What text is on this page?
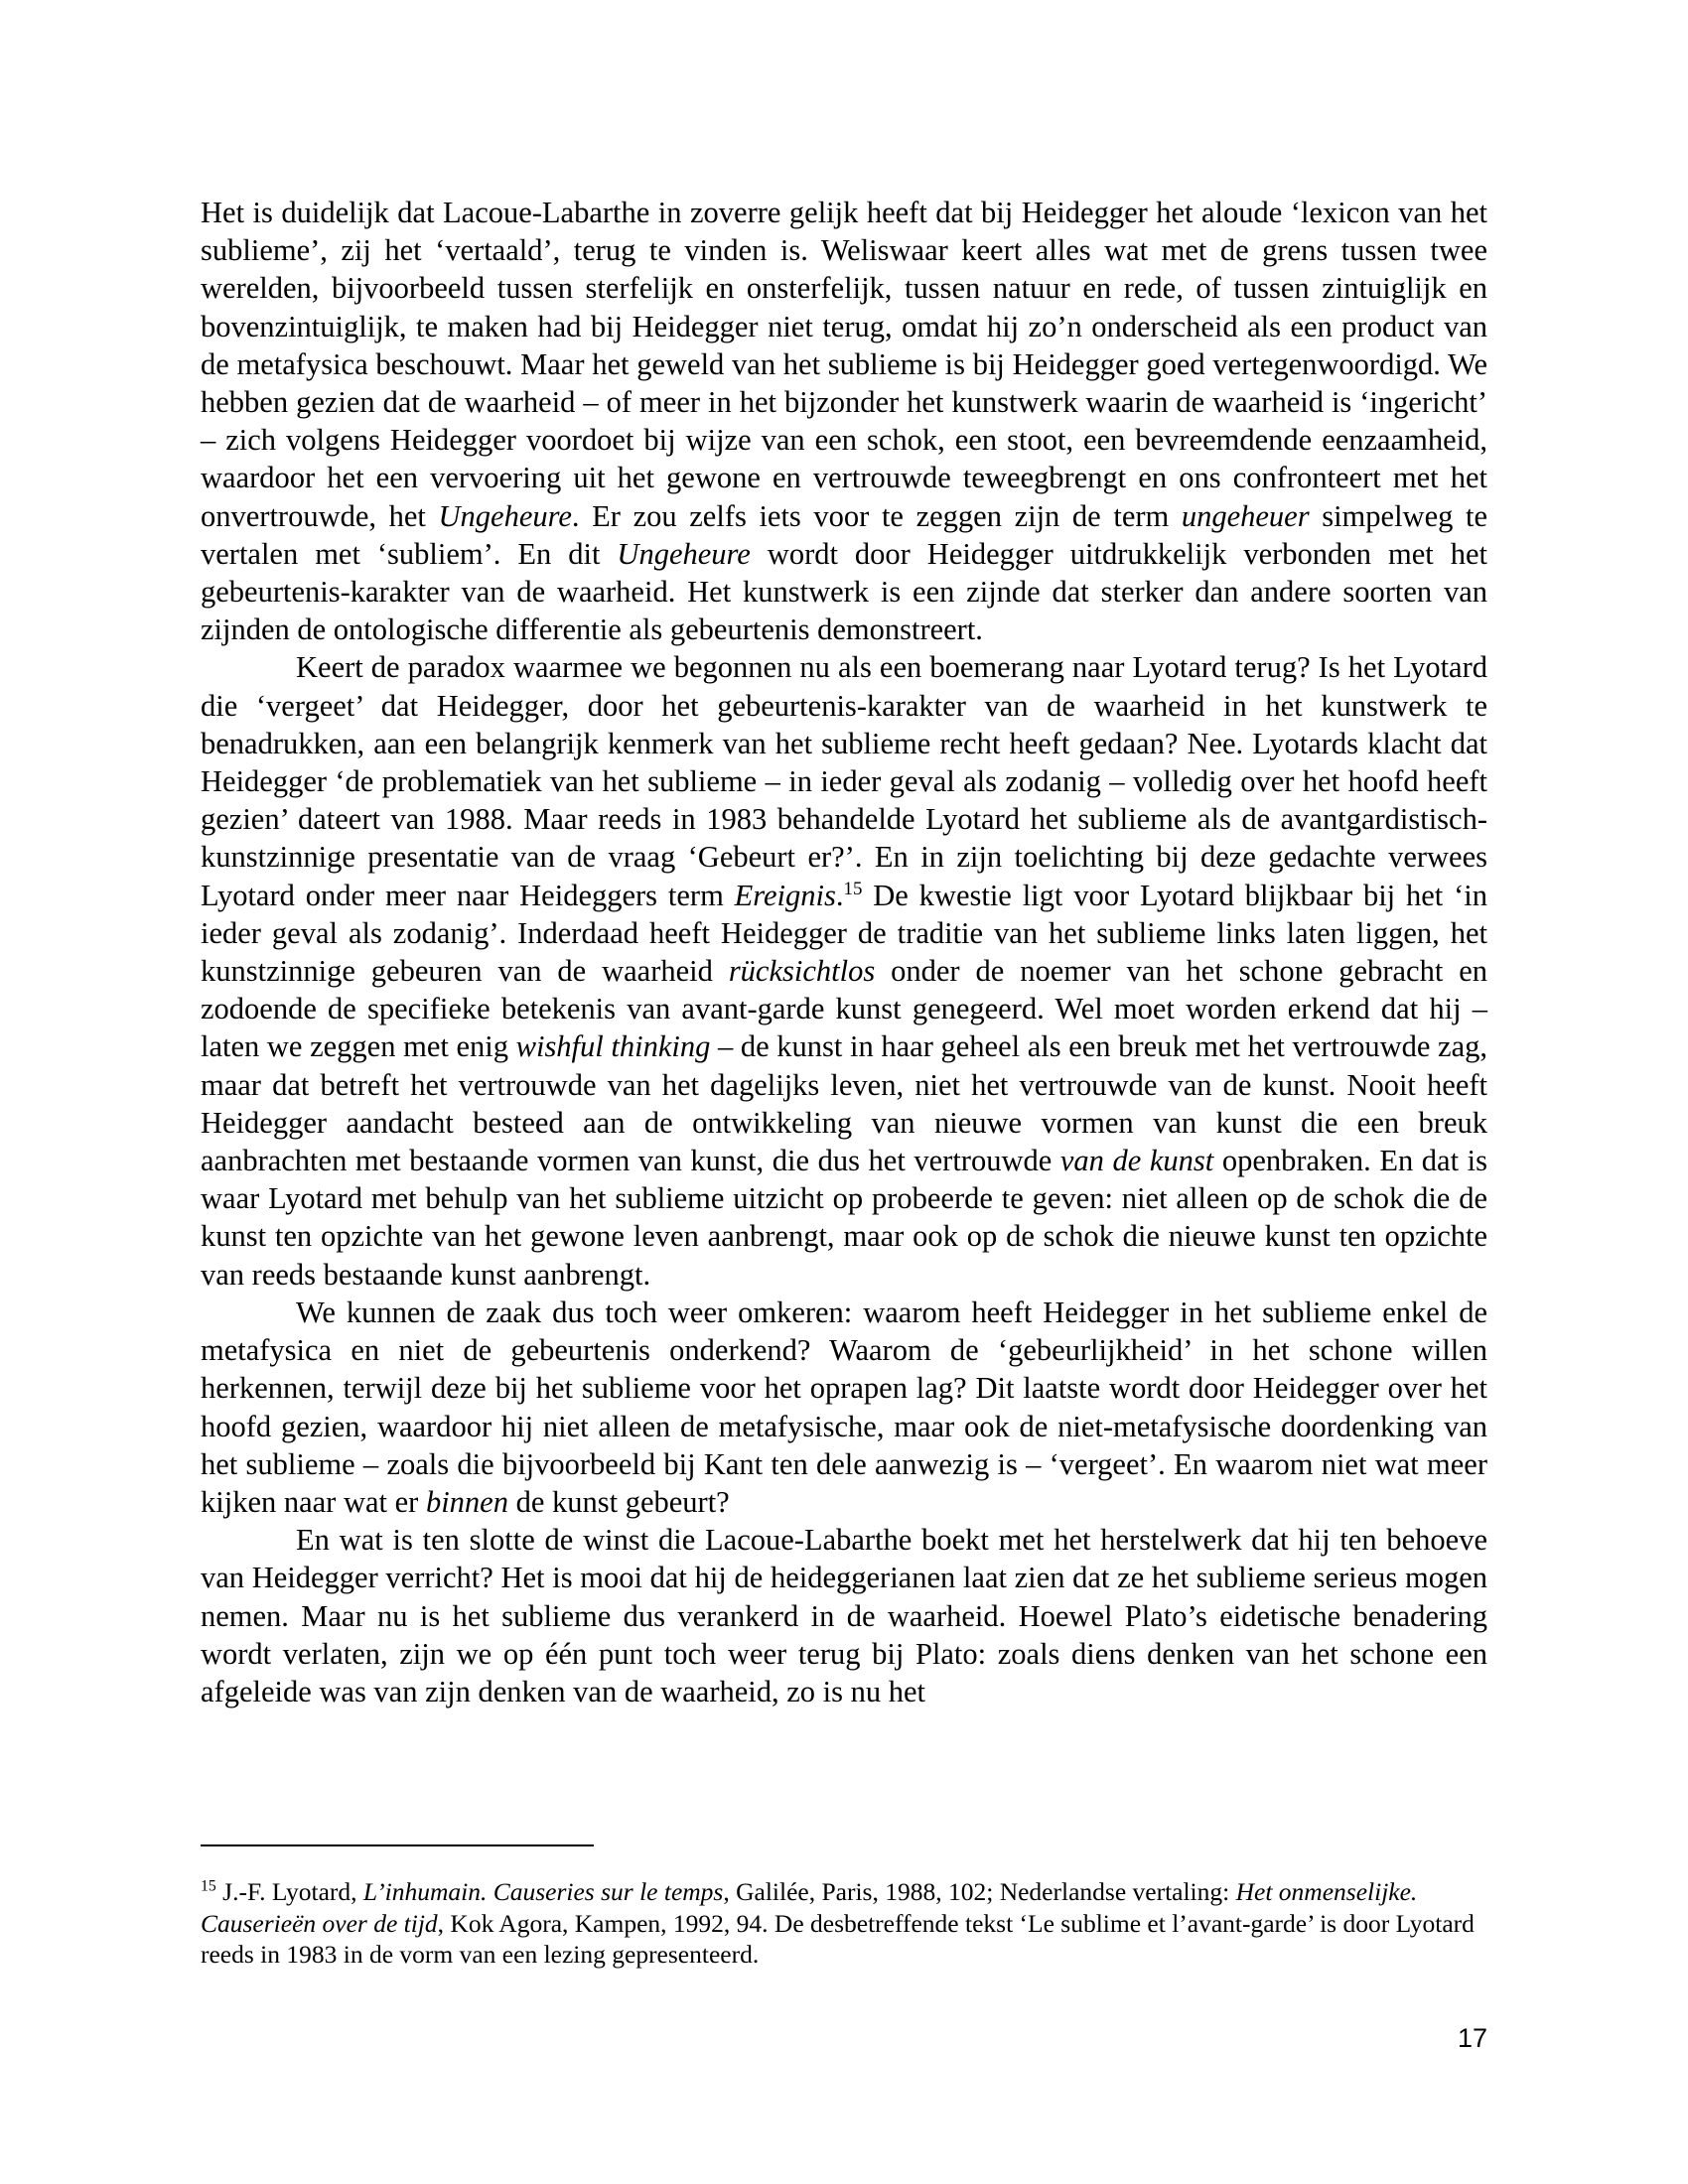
Het is duidelijk dat Lacoue-Labarthe in zoverre gelijk heeft dat bij Heidegger het aloude ‘lexicon van het sublieme’, zij het ‘vertaald’, terug te vinden is. Weliswaar keert alles wat met de grens tussen twee werelden, bijvoorbeeld tussen sterfelijk en onsterfelijk, tussen natuur en rede, of tussen zintuiglijk en bovenzintuiglijk, te maken had bij Heidegger niet terug, omdat hij zo’n onderscheid als een product van de metafysica beschouwt. Maar het geweld van het sublieme is bij Heidegger goed vertegenwoordigd. We hebben gezien dat de waarheid – of meer in het bijzonder het kunstwerk waarin de waarheid is ‘ingericht’ – zich volgens Heidegger voordoet bij wijze van een schok, een stoot, een bevreemdende eenzaamheid, waardoor het een vervoering uit het gewone en vertrouwde teweegbrengt en ons confronteert met het onvertrouwde, het Ungeheure. Er zou zelfs iets voor te zeggen zijn de term ungeheuer simpelweg te vertalen met ‘subliem’. En dit Ungeheure wordt door Heidegger uitdrukkelijk verbonden met het gebeurtenis-karakter van de waarheid. Het kunstwerk is een zijnde dat sterker dan andere soorten van zijnden de ontologische differentie als gebeurtenis demonstreert.

Keert de paradox waarmee we begonnen nu als een boemerang naar Lyotard terug? Is het Lyotard die ‘vergeet’ dat Heidegger, door het gebeurtenis-karakter van de waarheid in het kunstwerk te benadrukken, aan een belangrijk kenmerk van het sublieme recht heeft gedaan? Nee. Lyotards klacht dat Heidegger ‘de problematiek van het sublieme – in ieder geval als zodanig – volledig over het hoofd heeft gezien’ dateert van 1988. Maar reeds in 1983 behandelde Lyotard het sublieme als de avantgardistisch-kunstzinnige presentatie van de vraag ‘Gebeurt er?’. En in zijn toelichting bij deze gedachte verwees Lyotard onder meer naar Heideggers term Ereignis.$^{15}$ De kwestie ligt voor Lyotard blijkbaar bij het ‘in ieder geval als zodanig’. Inderdaad heeft Heidegger de traditie van het sublieme links laten liggen, het kunstzinnige gebeuren van de waarheid rücksichtlos onder de noemer van het schone gebracht en zodoende de specifieke betekenis van avant-garde kunst genegeerd. Wel moet worden erkend dat hij – laten we zeggen met enig wishful thinking – de kunst in haar geheel als een breuk met het vertrouwde zag, maar dat betreft het vertrouwde van het dagelijks leven, niet het vertrouwde van de kunst. Nooit heeft Heidegger aandacht besteed aan de ontwikkeling van nieuwe vormen van kunst die een breuk aanbrachten met bestaande vormen van kunst, die dus het vertrouwde van de kunst openbraken. En dat is waar Lyotard met behulp van het sublieme uitzicht op probeerde te geven: niet alleen op de schok die de kunst ten opzichte van het gewone leven aanbrengt, maar ook op de schok die nieuwe kunst ten opzichte van reeds bestaande kunst aanbrengt.

We kunnen de zaak dus toch weer omkeren: waarom heeft Heidegger in het sublieme enkel de metafysica en niet de gebeurtenis onderkend? Waarom de ‘gebeurlijkheid’ in het schone willen herkennen, terwijl deze bij het sublieme voor het oprapen lag? Dit laatste wordt door Heidegger over het hoofd gezien, waardoor hij niet alleen de metafysische, maar ook de niet-metafysische doordenking van het sublieme – zoals die bijvoorbeeld bij Kant ten dele aanwezig is – ‘vergeet’. En waarom niet wat meer kijken naar wat er binnen de kunst gebeurt?

En wat is ten slotte de winst die Lacoue-Labarthe boekt met het herstelwerk dat hij ten behoeve van Heidegger verricht? Het is mooi dat hij de heideggerianen laat zien dat ze het sublieme serieus mogen nemen. Maar nu is het sublieme dus verankerd in de waarheid. Hoewel Plato’s eidetische benadering wordt verlaten, zijn we op één punt toch weer terug bij Plato: zoals diens denken van het schone een afgeleide was van zijn denken van de waarheid, zo is nu het

$^{15}$ J.-F. Lyotard, L’inhumain. Causeries sur le temps, Galilée, Paris, 1988, 102; Nederlandse vertaling: Het onmenselijke. Causerieën over de tijd, Kok Agora, Kampen, 1992, 94. De desbetreffende tekst ‘Le sublime et l’avant-garde’ is door Lyotard reeds in 1983 in de vorm van een lezing gepresenteerd.

17
